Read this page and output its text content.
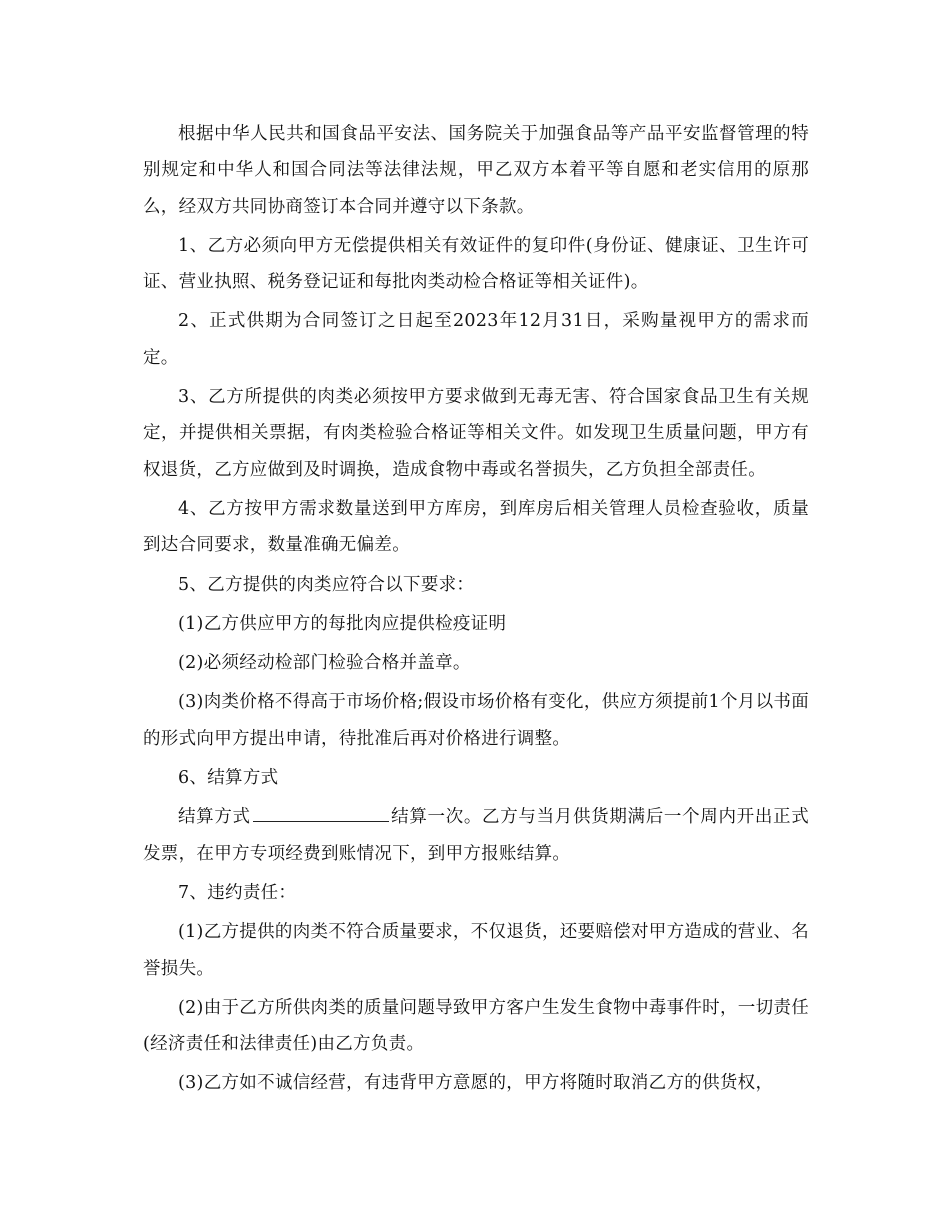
根据中华人民共和国食品平安法、国务院关于加强食品等产品平安监督管理的特别规定和中华人和国合同法等法律法规，甲乙双方本着平等自愿和老实信用的原那么，经双方共同协商签订本合同并遵守以下条款。

1、乙方必须向甲方无偿提供相关有效证件的复印件(身份证、健康证、卫生许可证、营业执照、税务登记证和每批肉类动检合格证等相关证件)。

2、正式供期为合同签订之日起至2023年12月31日，采购量视甲方的需求而定。

3、乙方所提供的肉类必须按甲方要求做到无毒无害、符合国家食品卫生有关规定，并提供相关票据，有肉类检验合格证等相关文件。如发现卫生质量问题，甲方有权退货，乙方应做到及时调换，造成食物中毒或名誉损失，乙方负担全部责任。

4、乙方按甲方需求数量送到甲方库房，到库房后相关管理人员检查验收，质量到达合同要求，数量准确无偏差。

5、乙方提供的肉类应符合以下要求：

(1)乙方供应甲方的每批肉应提供检疫证明

(2)必须经动检部门检验合格并盖章。

(3)肉类价格不得高于市场价格;假设市场价格有变化，供应方须提前1个月以书面的形式向甲方提出申请，待批准后再对价格进行调整。

6、结算方式

结算方式	结算一次。乙方与当月供货期满后一个周内开出正式发票，在甲方专项经费到账情况下，到甲方报账结算。

7、违约责任：

(1)乙方提供的肉类不符合质量要求，不仅退货，还要赔偿对甲方造成的营业、名誉损失。

(2)由于乙方所供肉类的质量问题导致甲方客户生发生食物中毒事件时，一切责任(经济责任和法律责任)由乙方负责。

(3)乙方如不诚信经营，有违背甲方意愿的，甲方将随时取消乙方的供货权，
